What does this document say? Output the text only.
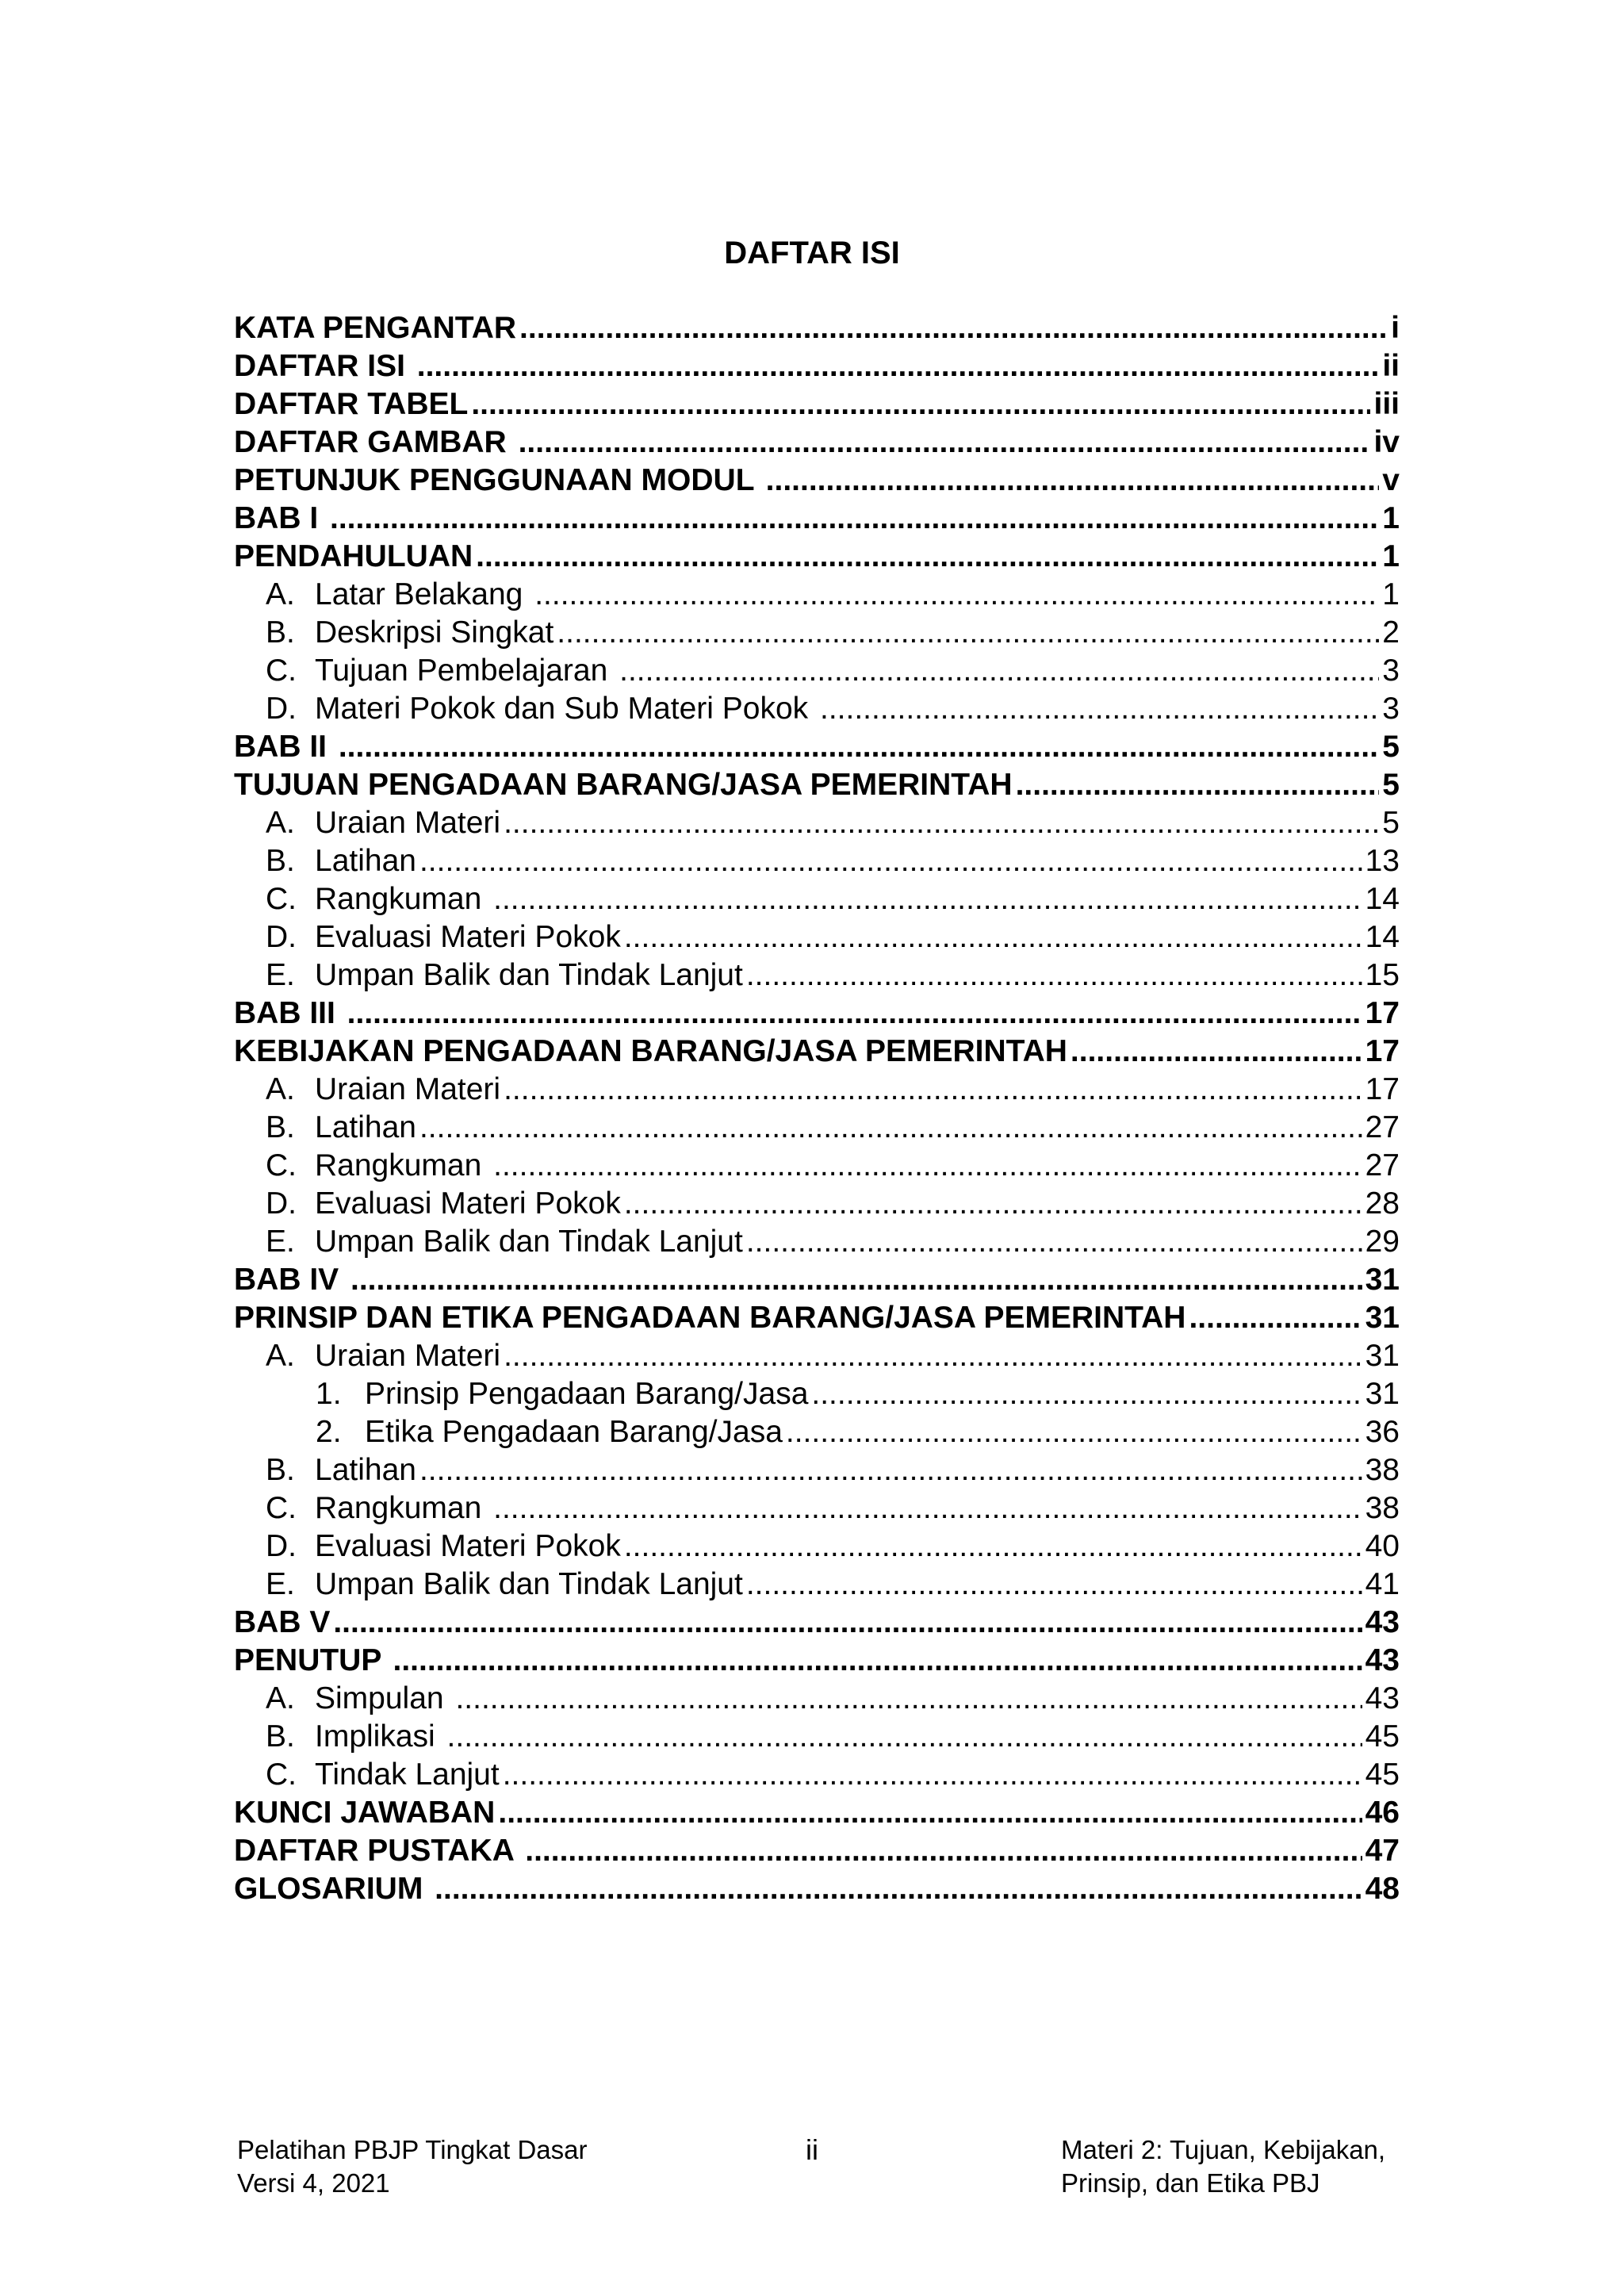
DAFTAR ISI
KATA PENGANTAR .....	i
DAFTAR ISI .....	ii
DAFTAR TABEL .....	iii
DAFTAR GAMBAR .....	iv
PETUNJUK PENGGUNAAN MODUL .....	v
BAB I .....	1
PENDAHULUAN .....	1
A. Latar Belakang .....	1
B. Deskripsi Singkat .....	2
C. Tujuan Pembelajaran .....	3
D. Materi Pokok dan Sub Materi Pokok .....	3
BAB II .....	5
TUJUAN PENGADAAN BARANG/JASA PEMERINTAH .....	5
A. Uraian Materi .....	5
B. Latihan .....	13
C. Rangkuman .....	14
D. Evaluasi Materi Pokok .....	14
E. Umpan Balik dan Tindak Lanjut .....	15
BAB III .....	17
KEBIJAKAN PENGADAAN BARANG/JASA PEMERINTAH .....	17
A. Uraian Materi .....	17
B. Latihan .....	27
C. Rangkuman .....	27
D. Evaluasi Materi Pokok .....	28
E. Umpan Balik dan Tindak Lanjut .....	29
BAB IV .....	31
PRINSIP DAN ETIKA PENGADAAN BARANG/JASA PEMERINTAH .....	31
A. Uraian Materi .....	31
1. Prinsip Pengadaan Barang/Jasa .....	31
2. Etika Pengadaan Barang/Jasa .....	36
B. Latihan .....	38
C. Rangkuman .....	38
D. Evaluasi Materi Pokok .....	40
E. Umpan Balik dan Tindak Lanjut .....	41
BAB V .....	43
PENUTUP .....	43
A. Simpulan .....	43
B. Implikasi .....	45
C. Tindak Lanjut .....	45
KUNCI JAWABAN .....	46
DAFTAR PUSTAKA .....	47
GLOSARIUM .....	48
Pelatihan PBJP Tingkat Dasar
Versi 4, 2021
ii	Materi 2: Tujuan, Kebijakan,
Prinsip, dan Etika PBJ
